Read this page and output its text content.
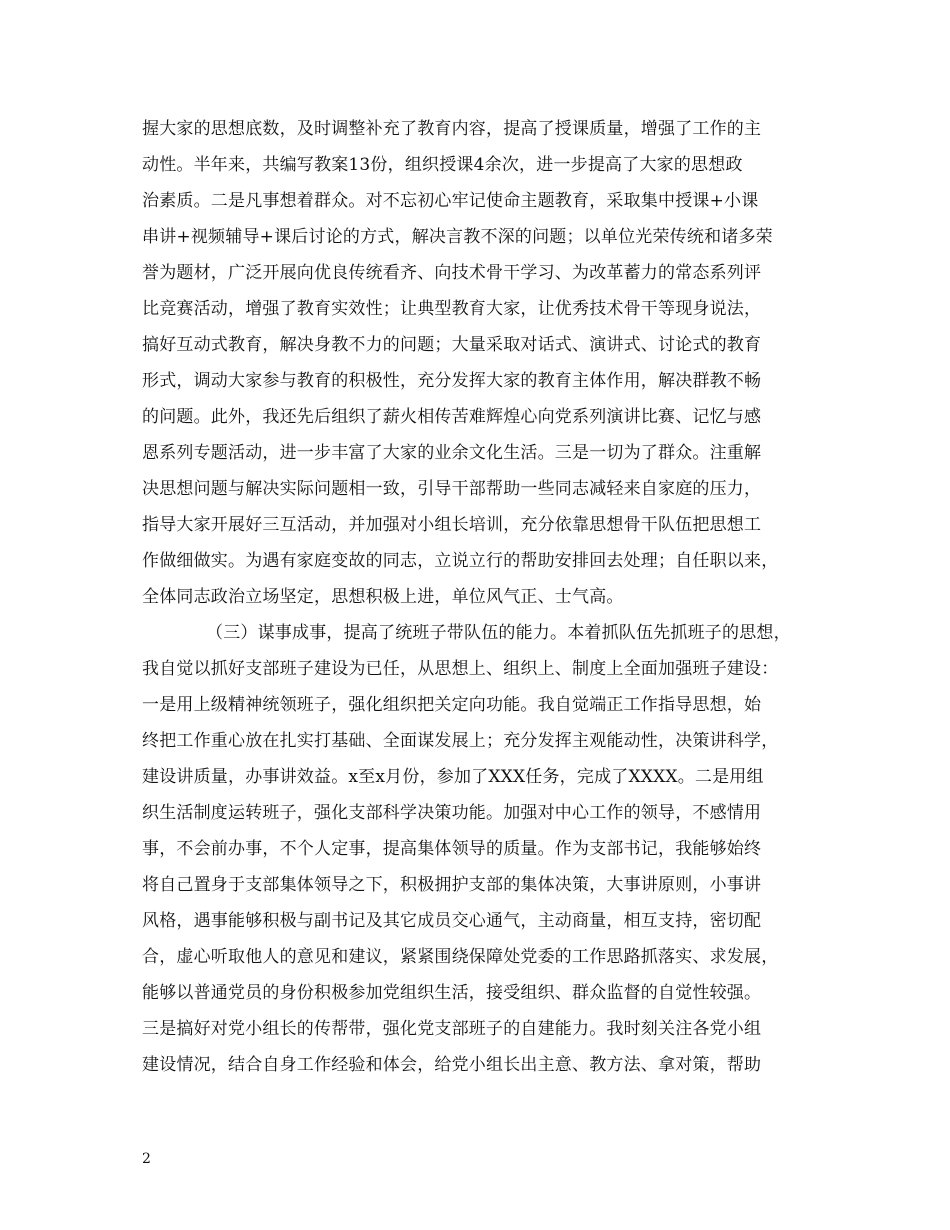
握大家的思想底数，及时调整补充了教育内容，提高了授课质量，增强了工作的主
动性。半年来，共编写教案13份，组织授课4余次，进一步提高了大家的思想政
治素质。二是凡事想着群众。对不忘初心牢记使命主题教育，采取集中授课+小课
串讲+视频辅导+课后讨论的方式，解决言教不深的问题；以单位光荣传统和诸多荣
誉为题材，广泛开展向优良传统看齐、向技术骨干学习、为改革蓄力的常态系列评
比竞赛活动，增强了教育实效性；让典型教育大家，让优秀技术骨干等现身说法，
搞好互动式教育，解决身教不力的问题；大量采取对话式、演讲式、讨论式的教育
形式，调动大家参与教育的积极性，充分发挥大家的教育主体作用，解决群教不畅
的问题。此外，我还先后组织了薪火相传苦难辉煌心向党系列演讲比赛、记忆与感
恩系列专题活动，进一步丰富了大家的业余文化生活。三是一切为了群众。注重解
决思想问题与解决实际问题相一致，引导干部帮助一些同志减轻来自家庭的压力，
指导大家开展好三互活动，并加强对小组长培训，充分依靠思想骨干队伍把思想工
作做细做实。为遇有家庭变故的同志，立说立行的帮助安排回去处理；自任职以来，
全体同志政治立场坚定，思想积极上进，单位风气正、士气高。
（三）谋事成事，提高了统班子带队伍的能力。本着抓队伍先抓班子的思想，
我自觉以抓好支部班子建设为已任，从思想上、组织上、制度上全面加强班子建设：
一是用上级精神统领班子，强化组织把关定向功能。我自觉端正工作指导思想，始
终把工作重心放在扎实打基础、全面谋发展上；充分发挥主观能动性，决策讲科学，
建设讲质量，办事讲效益。x至x月份，参加了XXX任务，完成了XXXX。二是用组
织生活制度运转班子，强化支部科学决策功能。加强对中心工作的领导，不感情用
事，不会前办事，不个人定事，提高集体领导的质量。作为支部书记，我能够始终
将自己置身于支部集体领导之下，积极拥护支部的集体决策，大事讲原则，小事讲
风格，遇事能够积极与副书记及其它成员交心通气，主动商量，相互支持，密切配
合，虚心听取他人的意见和建议，紧紧围绕保障处党委的工作思路抓落实、求发展，
能够以普通党员的身份积极参加党组织生活，接受组织、群众监督的自觉性较强。
三是搞好对党小组长的传帮带，强化党支部班子的自建能力。我时刻关注各党小组
建设情况，结合自身工作经验和体会，给党小组长出主意、教方法、拿对策，帮助
2
